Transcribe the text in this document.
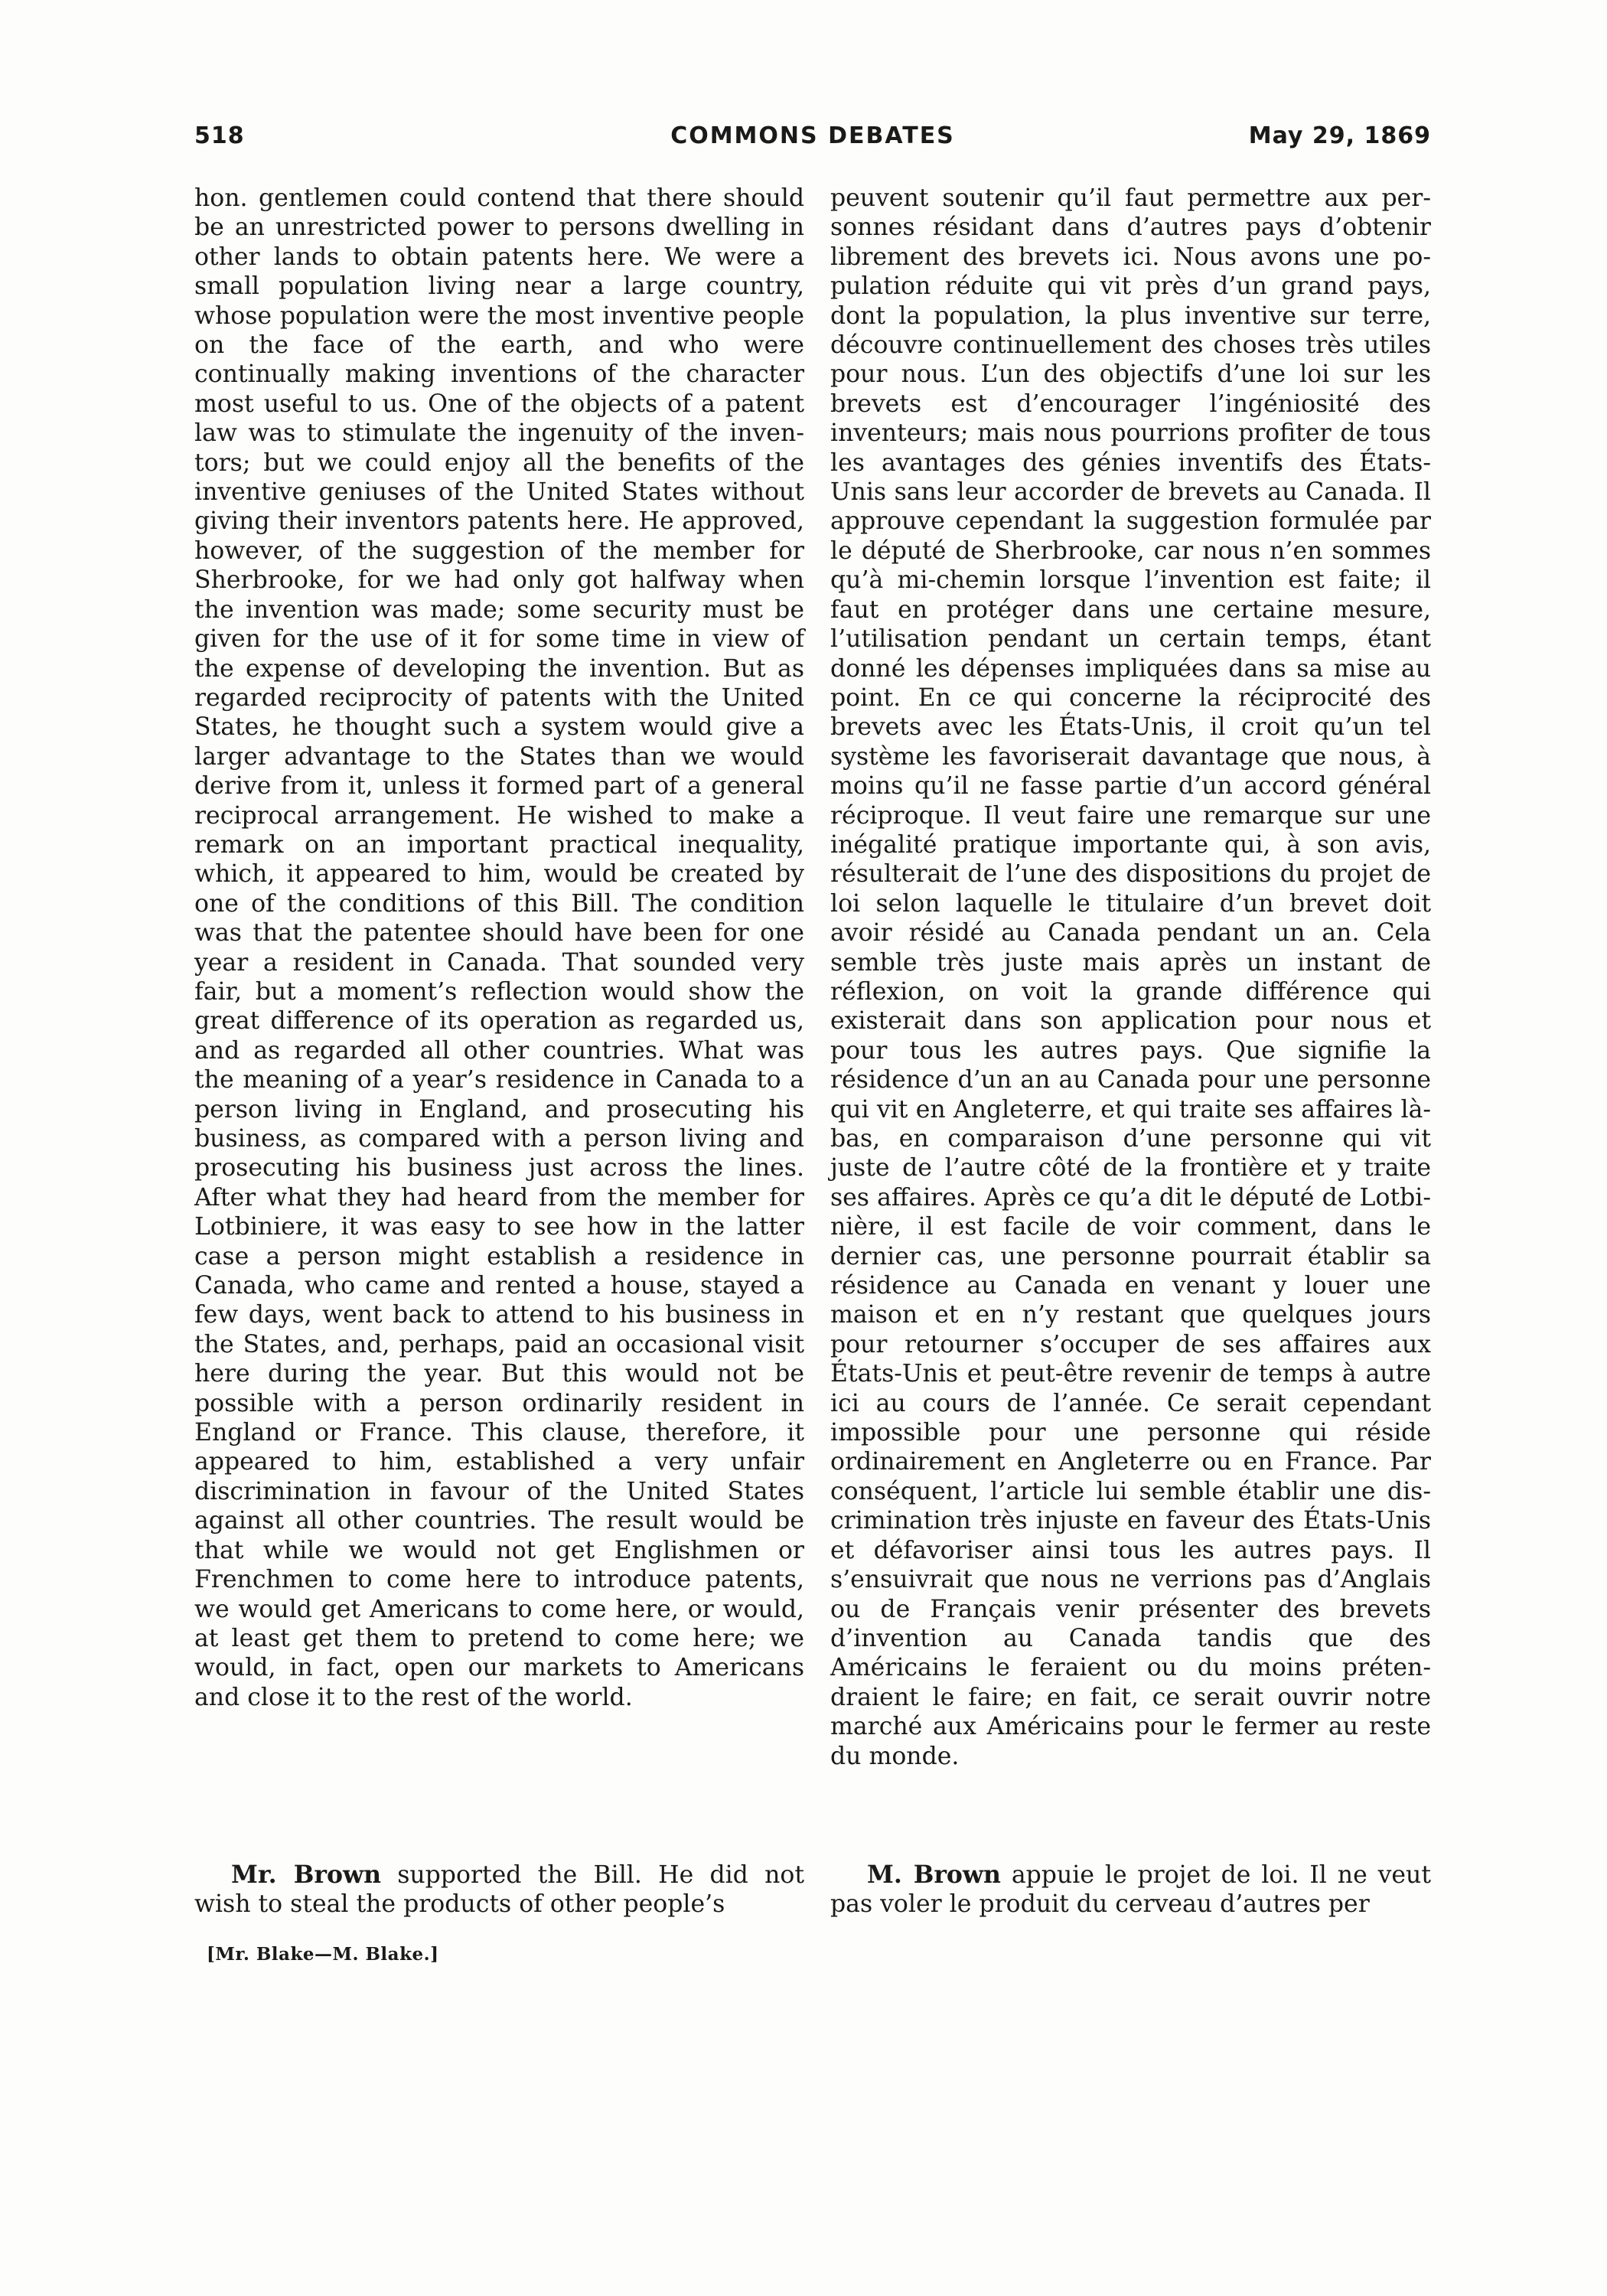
518	COMMONS DEBATES	May 29, 1869

hon. gentlemen could contend that there should be an unrestricted power to persons dwelling in other lands to obtain patents here. We were a small population living near a large country, whose population were the most inventive people on the face of the earth, and who were continually making inventions of the character most useful to us. One of the objects of a patent law was to stimulate the ingenuity of the inventors; but we could enjoy all the benefits of the inventive geniuses of the United States without giving their inventors patents here. He approved, however, of the suggestion of the member for Sherbrooke, for we had only got halfway when the invention was made; some security must be given for the use of it for some time in view of the expense of developing the invention. But as regarded reciprocity of patents with the United States, he thought such a system would give a larger advantage to the States than we would derive from it, unless it formed part of a general reciprocal arrangement. He wished to make a remark on an important practical inequality, which, it appeared to him, would be created by one of the conditions of this Bill. The condition was that the patentee should have been for one year a resident in Canada. That sounded very fair, but a moment’s reflection would show the great difference of its operation as regarded us, and as regarded all other countries. What was the meaning of a year’s residence in Canada to a person living in England, and prosecuting his business, as compared with a person living and prosecuting his business just across the lines. After what they had heard from the member for Lotbiniere, it was easy to see how in the latter case a person might establish a residence in Canada, who came and rented a house, stayed a few days, went back to attend to his business in the States, and, perhaps, paid an occasional visit here during the year. But this would not be possible with a person ordinarily resident in England or France. This clause, therefore, it appeared to him, established a very unfair discrimination in favour of the United States against all other countries. The result would be that while we would not get Englishmen or Frenchmen to come here to introduce patents, we would get Americans to come here, or would, at least get them to pretend to come here; we would, in fact, open our markets to Americans and close it to the rest of the world.

peuvent soutenir qu’il faut permettre aux personnes résidant dans d’autres pays d’obtenir librement des brevets ici. Nous avons une population réduite qui vit près d’un grand pays, dont la population, la plus inventive sur terre, découvre continuellement des choses très utiles pour nous. L’un des objectifs d’une loi sur les brevets est d’encourager l’ingéniosité des inventeurs; mais nous pourrions profiter de tous les avantages des génies inventifs des États-Unis sans leur accorder de brevets au Canada. Il approuve cependant la suggestion formulée par le député de Sherbrooke, car nous n’en sommes qu’à mi-chemin lorsque l’invention est faite; il faut en protéger dans une certaine mesure, l’utilisation pendant un certain temps, étant donné les dépenses impliquées dans sa mise au point. En ce qui concerne la réciprocité des brevets avec les États-Unis, il croit qu’un tel système les favoriserait davantage que nous, à moins qu’il ne fasse partie d’un accord général réciproque. Il veut faire une remarque sur une inégalité pratique importante qui, à son avis, résulterait de l’une des dispositions du projet de loi selon laquelle le titulaire d’un brevet doit avoir résidé au Canada pendant un an. Cela semble très juste mais après un instant de réflexion, on voit la grande différence qui existerait dans son application pour nous et pour tous les autres pays. Que signifie la résidence d’un an au Canada pour une personne qui vit en Angleterre, et qui traite ses affaires là-bas, en comparaison d’une personne qui vit juste de l’autre côté de la frontière et y traite ses affaires. Après ce qu’a dit le député de Lotbinière, il est facile de voir comment, dans le dernier cas, une personne pourrait établir sa résidence au Canada en venant y louer une maison et en n’y restant que quelques jours pour retourner s’occuper de ses affaires aux États-Unis et peut-être revenir de temps à autre ici au cours de l’année. Ce serait cependant impossible pour une personne qui réside ordinairement en Angleterre ou en France. Par conséquent, l’article lui semble établir une discrimination très injuste en faveur des États-Unis et défavoriser ainsi tous les autres pays. Il s’ensuivrait que nous ne verrions pas d’Anglais ou de Français venir présenter des brevets d’invention au Canada tandis que des Américains le feraient ou du moins prétendraient le faire; en fait, ce serait ouvrir notre marché aux Américains pour le fermer au reste du monde.

Mr. Brown supported the Bill. He did not wish to steal the products of other people’s

M. Brown appuie le projet de loi. Il ne veut pas voler le produit du cerveau d’autres per

[Mr. Blake—M. Blake.]
